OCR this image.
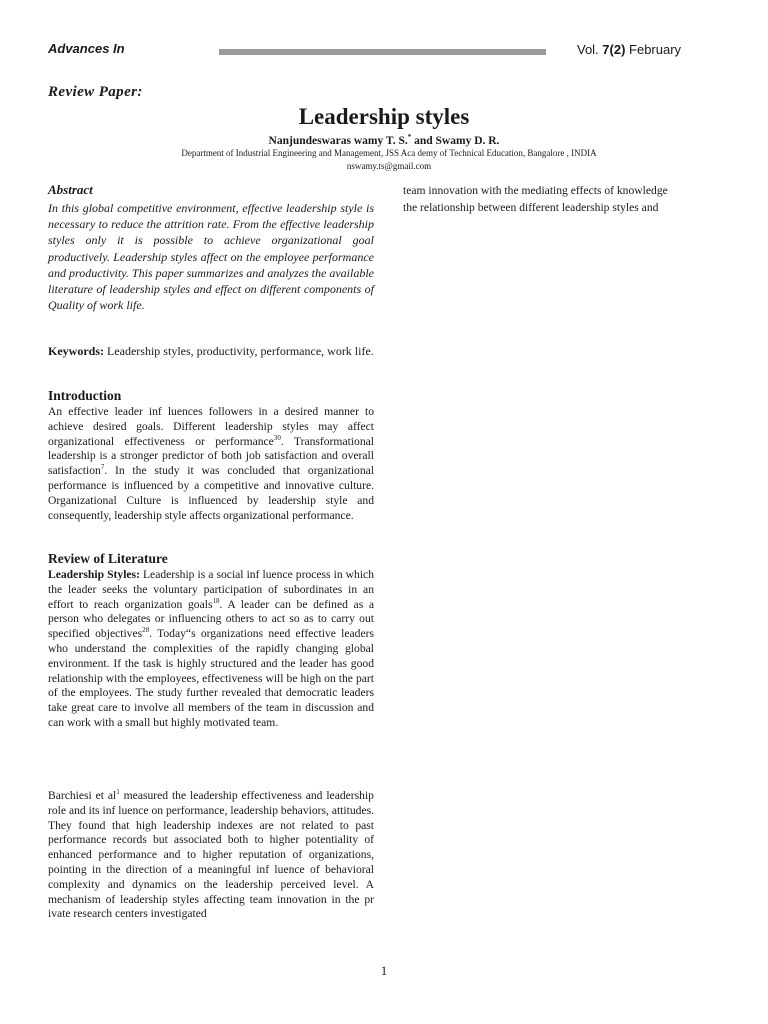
Advances In	Vol. 7(2) February
Review Paper:
Leadership styles
Nanjundeswaras wamy T. S.* and Swamy D. R.
Department of Industrial Engineering and Management, JSS Aca demy of Technical Education, Bangalore , INDIA
nswamy.ts@gmail.com
Abstract
In this global competitive environment, effective leadership style is necessary to reduce the attrition rate. From the effective leadership styles only it is possible to achieve organizational goal productively. Leadership styles affect on the employee performance and productivity. This paper summarizes and analyzes the available literature of leadership styles and effect on different components of Quality of work life.
Keywords: Leadership styles, productivity, performance, work life.
Introduction
An effective leader inf luences followers in a desired manner to achieve desired goals. Different leadership styles may affect organizational effectiveness or performance$^{30}$. Transformational leadership is a stronger predictor of both job satisfaction and overall satisfaction$^7$. In the study it was concluded that organizational performance is influenced by a competitive and innovative culture. Organizational Culture is influenced by leadership style and consequently, leadership style affects organizational performance.
Review of Literature
Leadership Styles: Leadership is a social inf luence process in which the leader seeks the voluntary participation of subordinates in an effort to reach organization goals$^{18}$. A leader can be defined as a person who delegates or influencing others to act so as to carry out specified objectives$^{28}$. Today“s organizations need effective leaders who understand the complexities of the rapidly changing global environment. If the task is highly structured and the leader has good relationship with the employees, effectiveness will be high on the part of the employees. The study further revealed that democratic leaders take great care to involve all members of the team in discussion and can work with a small but highly motivated team.
Barchiesi et $al^1$ measured the leadership effectiveness and leadership role and its inf luence on performance, leadership behaviors, attitudes. They found that high leadership indexes are not related to past performance records but associated both to higher potentiality of enhanced performance and to higher reputation of organizations, pointing in the direction of a meaningful inf luence of behavioral complexity and dynamics on the leadership perceived level. A mechanism of leadership styles affecting team innovation in the pr ivate research centers investigated

team innovation with the mediating effects of knowledge

the relationship between different leadership styles and

1
